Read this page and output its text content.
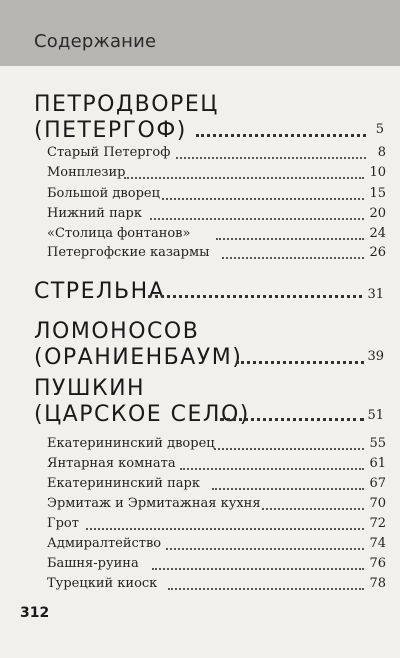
Содержание
ПЕТРОДВОРЕЦ
(ПЕТЕРГОФ)	5
Старый Петергоф	8
Монплезир	10
Большой дворец	15
Нижний парк	20
«Столица фонтанов»	24
Петергофские казармы	26
СТРЕЛЬНА	31
ЛОМОНОСОВ
(ОРАНИЕНБАУМ)	39
ПУШКИН
(ЦАРСКОЕ СЕЛО)	51
Екатерининский дворец	55
Янтарная комната	61
Екатерининский парк	67
Эрмитаж и Эрмитажная кухня	70
Грот	72
Адмиралтейство	74
Башня-руина	76
Турецкий киоск	78
312
